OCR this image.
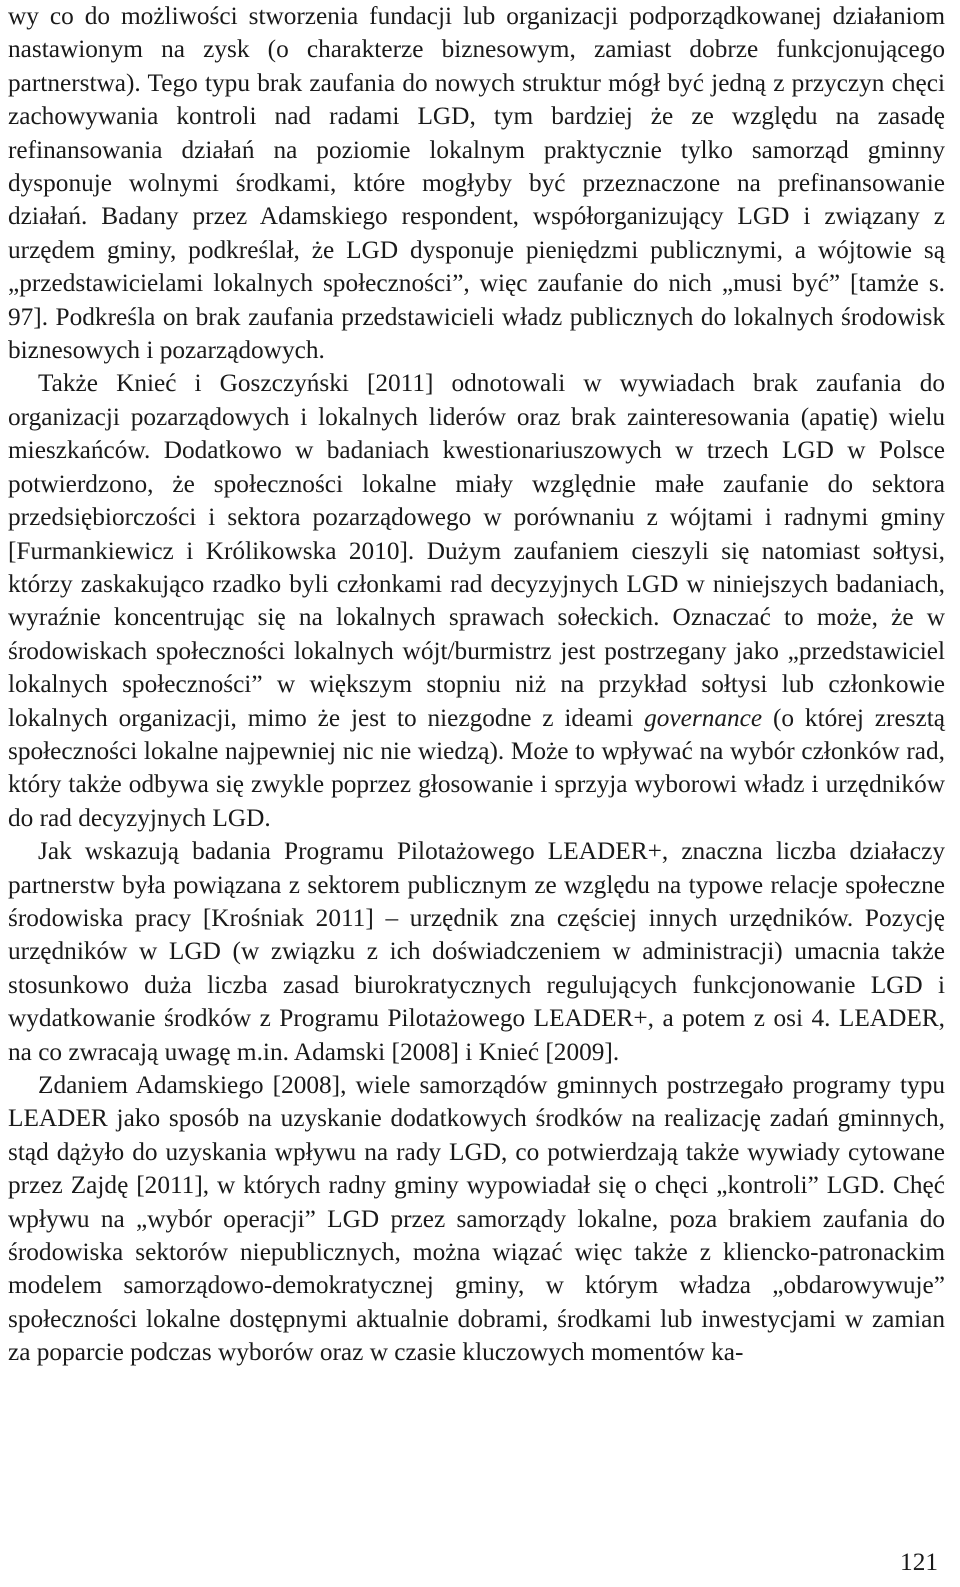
wy co do możliwości stworzenia fundacji lub organizacji podporządkowanej działaniom nastawionym na zysk (o charakterze biznesowym, zamiast dobrze funkcjonującego partnerstwa). Tego typu brak zaufania do nowych struktur mógł być jedną z przyczyn chęci zachowywania kontroli nad radami LGD, tym bardziej że ze względu na zasadę refinansowania działań na poziomie lokalnym praktycznie tylko samorząd gminny dysponuje wolnymi środkami, które mogłyby być przeznaczone na prefinansowanie działań. Badany przez Adamskiego respondent, współorganizujący LGD i związany z urzędem gminy, podkreślał, że LGD dysponuje pieniędzmi publicznymi, a wójtowie są „przedstawicielami lokalnych społeczności”, więc zaufanie do nich „musi być” [tamże s. 97]. Podkreśla on brak zaufania przedstawicieli władz publicznych do lokalnych środowisk biznesowych i pozarządowych.

Także Knieć i Goszczyński [2011] odnotowali w wywiadach brak zaufania do organizacji pozarządowych i lokalnych liderów oraz brak zainteresowania (apatię) wielu mieszkańców. Dodatkowo w badaniach kwestionariuszowych w trzech LGD w Polsce potwierdzono, że społeczności lokalne miały względnie małe zaufanie do sektora przedsiębiorczości i sektora pozarządowego w porównaniu z wójtami i radnymi gminy [Furmankiewicz i Królikowska 2010]. Dużym zaufaniem cieszyli się natomiast sołtysi, którzy zaskakująco rzadko byli członkami rad decyzyjnych LGD w niniejszych badaniach, wyraźnie koncentrując się na lokalnych sprawach sołeckich. Oznaczać to może, że w środowiskach społeczności lokalnych wójt/burmistrz jest postrzegany jako „przedstawiciel lokalnych społeczności” w większym stopniu niż na przykład sołtysi lub członkowie lokalnych organizacji, mimo że jest to niezgodne z ideami governance (o której zresztą społeczności lokalne najpewniej nic nie wiedzą). Może to wpływać na wybór członków rad, który także odbywa się zwykle poprzez głosowanie i sprzyja wyborowi władz i urzędników do rad decyzyjnych LGD.

Jak wskazują badania Programu Pilotażowego LEADER+, znaczna liczba działaczy partnerstw była powiązana z sektorem publicznym ze względu na typowe relacje społeczne środowiska pracy [Krośniak 2011] – urzędnik zna częściej innych urzędników. Pozycję urzędników w LGD (w związku z ich doświadczeniem w administracji) umacnia także stosunkowo duża liczba zasad biurokratycznych regulujących funkcjonowanie LGD i wydatkowanie środków z Programu Pilotażowego LEADER+, a potem z osi 4. LEADER, na co zwracają uwagę m.in. Adamski [2008] i Knieć [2009].

Zdaniem Adamskiego [2008], wiele samorządów gminnych postrzegało programy typu LEADER jako sposób na uzyskanie dodatkowych środków na realizację zadań gminnych, stąd dążyło do uzyskania wpływu na rady LGD, co potwierdzają także wywiady cytowane przez Zajdę [2011], w których radny gminy wypowiadał się o chęci „kontroli” LGD. Chęć wpływu na „wybór operacji” LGD przez samorządy lokalne, poza brakiem zaufania do środowiska sektorów niepublicznych, można wiązać więc także z kliencko-patronackim modelem samorządowo-demokratycznej gminy, w którym władza „obdarowywuje” społeczności lokalne dostępnymi aktualnie dobrami, środkami lub inwestycjami w zamian za poparcie podczas wyborów oraz w czasie kluczowych momentów ka-

121
